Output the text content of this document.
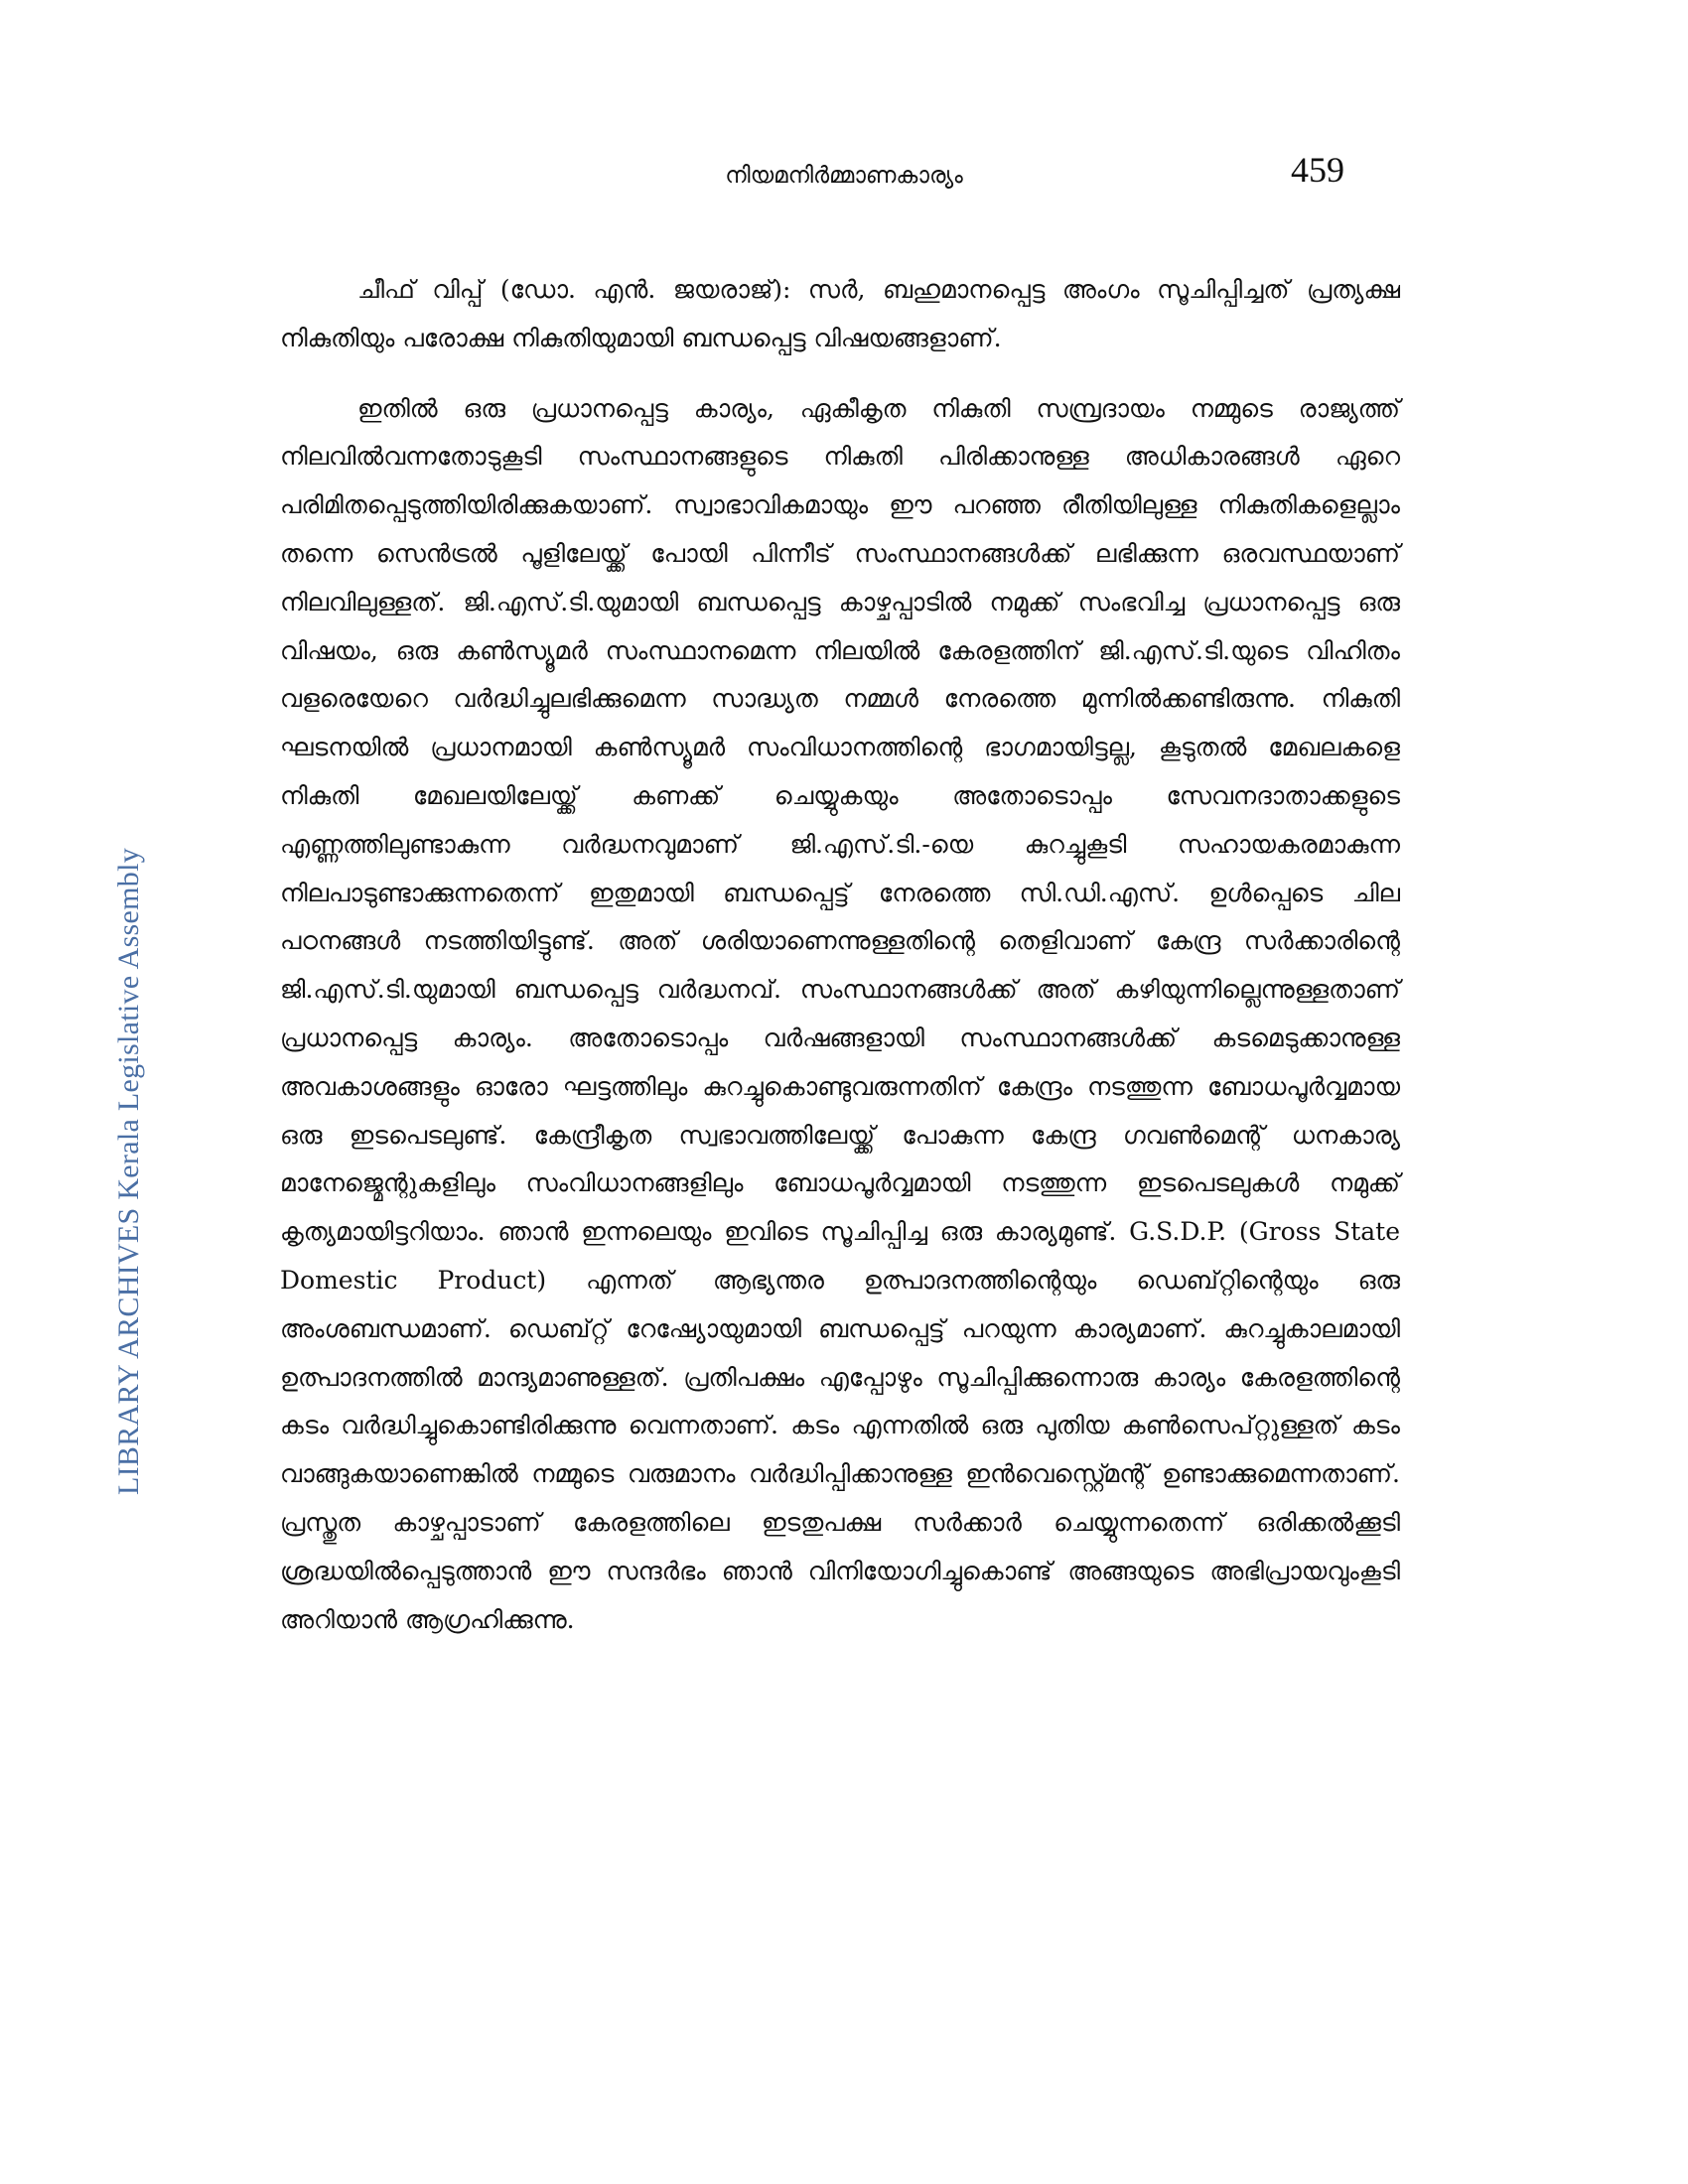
നിയമനിർമ്മാണകാര്യം	459
LIBRARY ARCHIVES Kerala Legislative Assembly

ചീഫ് വിപ്പ് (ഡോ. എൻ. ജയരാജ്): സർ, ബഹുമാനപ്പെട്ട അംഗം സൂചിപ്പിച്ചത് പ്രത്യക്ഷ നികുതിയും പരോക്ഷ നികുതിയുമായി ബന്ധപ്പെട്ട വിഷയങ്ങളാണ്.

ഇതിൽ ഒരു പ്രധാനപ്പെട്ട കാര്യം, ഏകീകൃത നികുതി സമ്പ്രദായം നമ്മുടെ രാജ്യത്ത് നിലവിൽവന്നതോടുകൂടി സംസ്ഥാനങ്ങളുടെ നികുതി പിരിക്കാനുള്ള അധികാരങ്ങൾ ഏറെ പരിമിതപ്പെടുത്തിയിരിക്കുകയാണ്. സ്വാഭാവികമായും ഈ പറഞ്ഞ രീതിയിലുള്ള നികുതികളെല്ലാം തന്നെ സെൻട്രൽ പൂളിലേയ്ക്ക് പോയി പിന്നീട് സംസ്ഥാനങ്ങൾക്ക് ലഭിക്കുന്ന ഒരവസ്ഥയാണ് നിലവിലുള്ളത്. ജി.എസ്.ടി.യുമായി ബന്ധപ്പെട്ട കാഴ്ചപ്പാടിൽ നമുക്ക് സംഭവിച്ച പ്രധാനപ്പെട്ട ഒരു വിഷയം, ഒരു കൺസ്യൂമർ സംസ്ഥാനമെന്ന നിലയിൽ കേരളത്തിന് ജി.എസ്.ടി.യുടെ വിഹിതം വളരെയേറെ വർദ്ധിച്ചുലഭിക്കുമെന്ന സാദ്ധ്യത നമ്മൾ നേരത്തെ മുന്നിൽക്കണ്ടിരുന്നു. നികുതി ഘടനയിൽ പ്രധാനമായി കൺസ്യൂമർ സംവിധാനത്തിന്റെ ഭാഗമായിട്ടല്ല, കൂടുതൽ മേഖലകളെ നികുതി മേഖലയിലേയ്ക്ക് കണക്ക് ചെയ്യുകയും അതോടൊപ്പം സേവനദാതാക്കളുടെ എണ്ണത്തിലുണ്ടാകുന്ന വർദ്ധനവുമാണ് ജി.എസ്.ടി.-യെ കുറച്ചുകൂടി സഹായകരമാകുന്ന നിലപാടുണ്ടാക്കുന്നതെന്ന് ഇതുമായി ബന്ധപ്പെട്ട് നേരത്തെ സി.ഡി.എസ്. ഉൾപ്പെടെ ചില പഠനങ്ങൾ നടത്തിയിട്ടുണ്ട്. അത് ശരിയാണെന്നുള്ളതിന്റെ തെളിവാണ് കേന്ദ്ര സർക്കാരിന്റെ ജി.എസ്.ടി.യുമായി ബന്ധപ്പെട്ട വർദ്ധനവ്. സംസ്ഥാനങ്ങൾക്ക് അത് കഴിയുന്നില്ലെന്നുള്ളതാണ് പ്രധാനപ്പെട്ട കാര്യം. അതോടൊപ്പം വർഷങ്ങളായി സംസ്ഥാനങ്ങൾക്ക് കടമെടുക്കാനുള്ള അവകാശങ്ങളും ഓരോ ഘട്ടത്തിലും കുറച്ചുകൊണ്ടുവരുന്നതിന് കേന്ദ്രം നടത്തുന്ന ബോധപൂർവ്വമായ ഒരു ഇടപെടലുണ്ട്. കേന്ദ്രീകൃത സ്വഭാവത്തിലേയ്ക്ക് പോകുന്ന കേന്ദ്ര ഗവൺമെന്റ് ധനകാര്യ മാനേജ്മെന്റുകളിലും സംവിധാനങ്ങളിലും ബോധപൂർവ്വമായി നടത്തുന്ന ഇടപെടലുകൾ നമുക്ക് കൃത്യമായിട്ടറിയാം. ഞാൻ ഇന്നലെയും ഇവിടെ സൂചിപ്പിച്ച ഒരു കാര്യമുണ്ട്. G.S.D.P. (Gross State Domestic Product) എന്നത് ആഭ്യന്തര ഉത്പാദനത്തിന്റെയും ഡെബ്റ്റിന്റെയും ഒരു അംശബന്ധമാണ്. ഡെബ്റ്റ് റേഷ്യോയുമായി ബന്ധപ്പെട്ട് പറയുന്ന കാര്യമാണ്. കുറച്ചുകാലമായി ഉത്പാദനത്തിൽ മാന്ദ്യമാണുള്ളത്. പ്രതിപക്ഷം എപ്പോഴും സൂചിപ്പിക്കുന്നൊരു കാര്യം കേരളത്തിന്റെ കടം വർദ്ധിച്ചുകൊണ്ടിരിക്കുന്നു വെന്നതാണ്. കടം എന്നതിൽ ഒരു പുതിയ കൺസെപ്റ്റുള്ളത് കടം വാങ്ങുകയാണെങ്കിൽ നമ്മുടെ വരുമാനം വർദ്ധിപ്പിക്കാനുള്ള ഇൻവെസ്റ്റ്മെന്റ് ഉണ്ടാക്കുമെന്നതാണ്. പ്രസ്തുത കാഴ്ചപ്പാടാണ് കേരളത്തിലെ ഇടതുപക്ഷ സർക്കാർ ചെയ്യുന്നതെന്ന് ഒരിക്കൽക്കൂടി ശ്രദ്ധയിൽപ്പെടുത്താൻ ഈ സന്ദർഭം ഞാൻ വിനിയോഗിച്ചുകൊണ്ട് അങ്ങയുടെ അഭിപ്രായവുംകൂടി അറിയാൻ ആഗ്രഹിക്കുന്നു.
